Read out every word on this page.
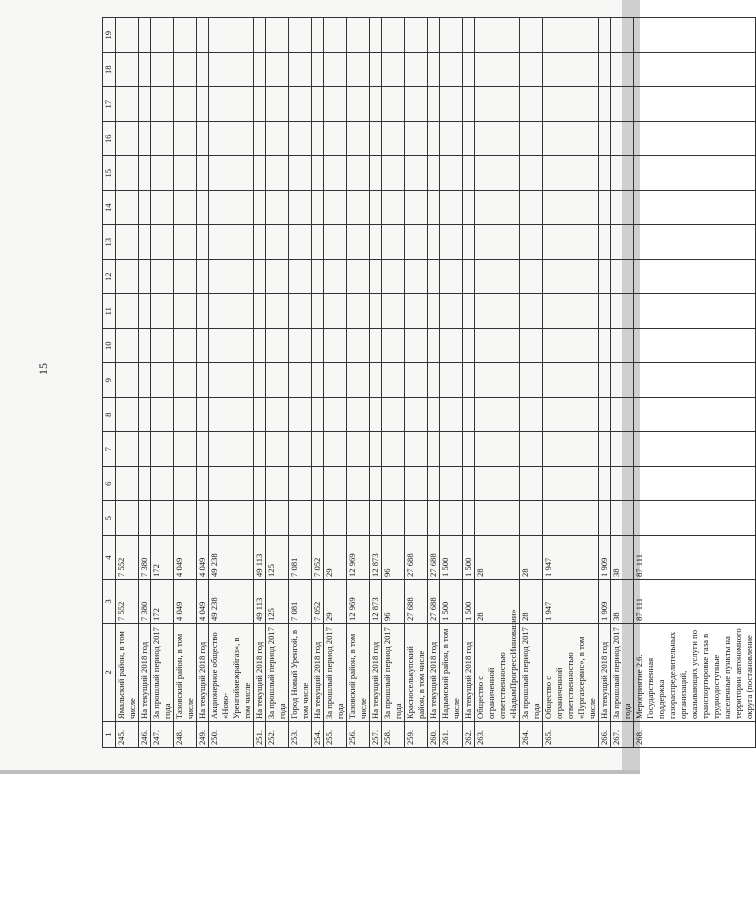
15
1	2	3	4	5	6	7	8	9	10	11	12	13	14	15	16	17	18	19
245.	Ямальский район, в том числе	7 552	7 552															
246.	На текущий 2018 год	7 380	7 380															
247.	За прошлый период 2017 года	172	172															
248.	Тазовский район, в том числе	4 049	4 049															
249.	На текущий 2018 год	4 049	4 049															
250.	Акционерное общество «Ново-Уренгоймежрайгаз», в том числе	49 238	49 238															
251.	На текущий 2018 год	49 113	49 113															
252.	За прошлый период 2017 года	125	125															
253.	Город Новый Уренгой, в том числе	7 081	7 081															
254.	На текущий 2018 год	7 052	7 052															
255.	За прошлый период 2017 года	29	29															
256.	Тазовский район, в том числе	12 969	12 969															
257.	На текущий 2018 год	12 873	12 873															
258.	За прошлый период 2017 года	96	96															
259.	Красноселькупский район, в том числе	27 688	27 688															
260.	На текущий 2018 год	27 688	27 688															
261.	Надымский район, в том числе	1 500	1 500															
262.	На текущий 2018 год	1 500	1 500															
263.	Общество с ограниченной ответственностью «НадымПрогрессИнновации»	28	28															
264.	За прошлый период 2017 года	28	28															
265.	Общество с ограниченной ответственностью «Пургазсервис», в том числе	1 947	1 947															
266.	На текущий 2018 год	1 909	1 909															
267.	За прошлый период 2017 года	38	38															
268.	Мероприятие 2.6. Государственная поддержка газораспределительных организаций, оказывающих услуги по транспортировке газа в труднодоступные населенные пункты на территории автономного округа (постановление	87 111	87 111															
